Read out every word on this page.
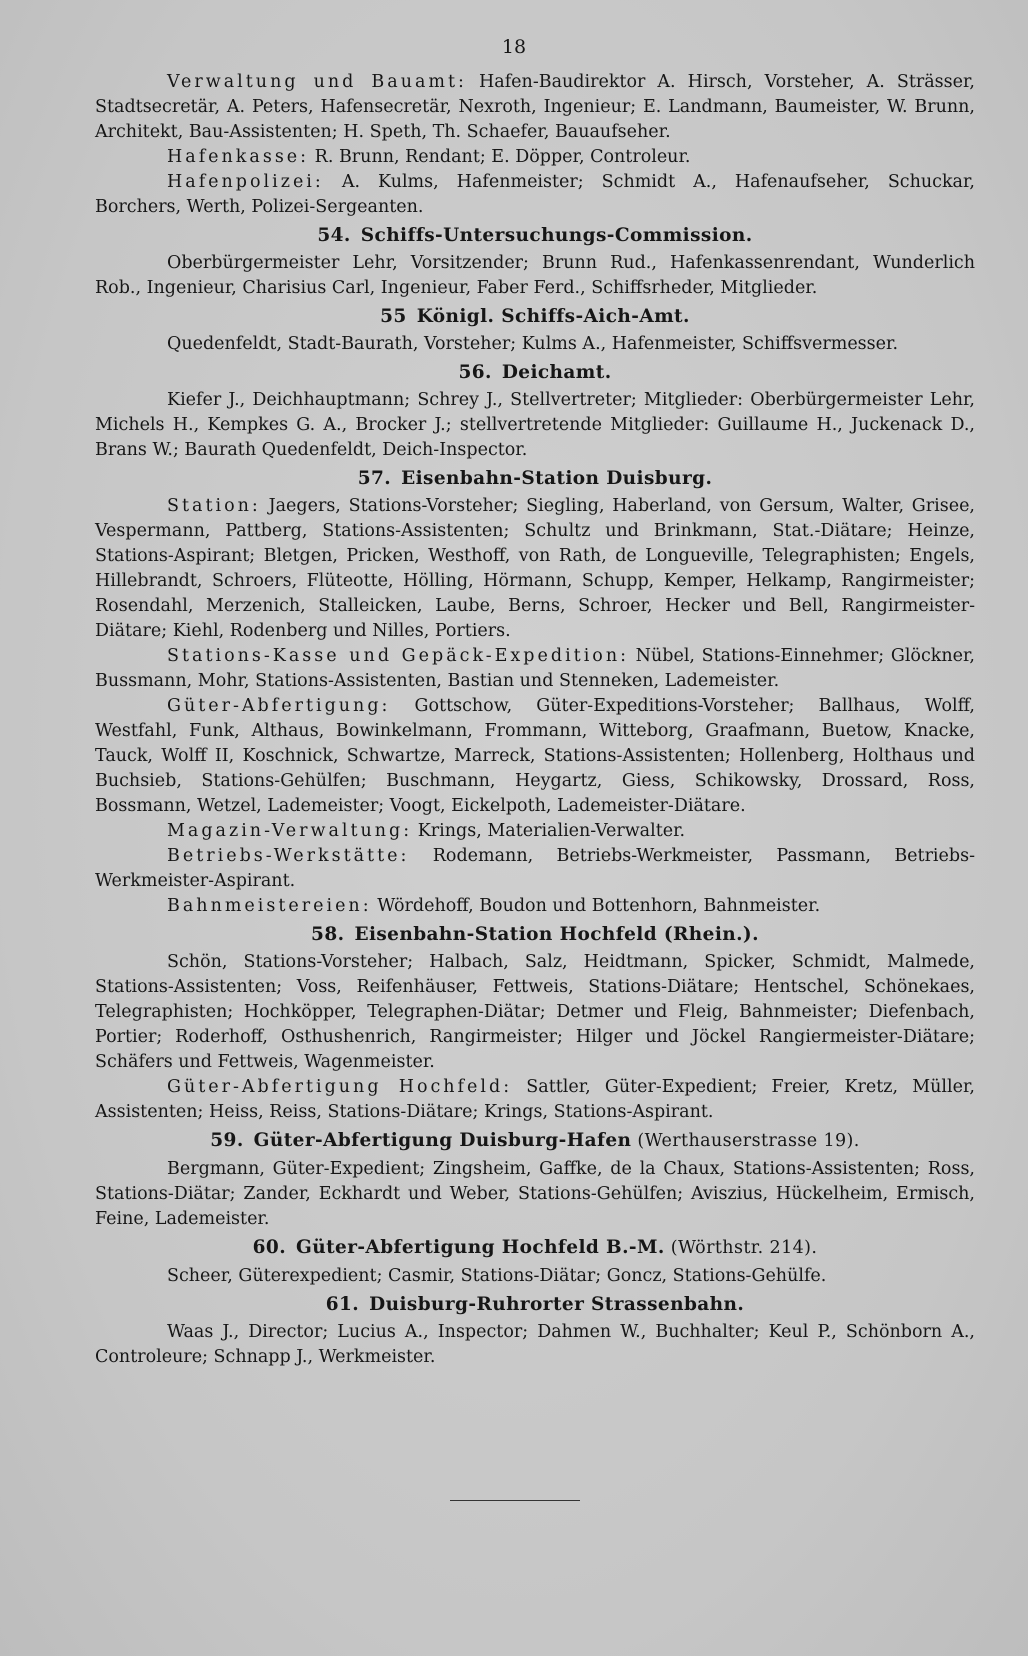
18

Verwaltung und Bauamt: Hafen-Baudirektor A. Hirsch, Vorsteher, A. Strässer, Stadtsecretär, A. Peters, Hafensecretär, Nexroth, Ingenieur; E. Landmann, Baumeister, W. Brunn, Architekt, Bau-Assistenten; H. Speth, Th. Schaefer, Bauaufseher.

Hafenkasse: R. Brunn, Rendant; E. Döpper, Controleur.

Hafenpolizei: A. Kulms, Hafenmeister; Schmidt A., Hafenaufseher, Schuckar, Borchers, Werth, Polizei-Sergeanten.

54. Schiffs-Untersuchungs-Commission.

Oberbürgermeister Lehr, Vorsitzender; Brunn Rud., Hafenkassenrendant, Wunderlich Rob., Ingenieur, Charisius Carl, Ingenieur, Faber Ferd., Schiffsrheder, Mitglieder.

55 Königl. Schiffs-Aich-Amt.

Quedenfeldt, Stadt-Baurath, Vorsteher; Kulms A., Hafenmeister, Schiffsvermesser.

56. Deichamt.

Kiefer J., Deichhauptmann; Schrey J., Stellvertreter; Mitglieder: Oberbürgermeister Lehr, Michels H., Kempkes G. A., Brocker J.; stellvertretende Mitglieder: Guillaume H., Juckenack D., Brans W.; Baurath Quedenfeldt, Deich-Inspector.

57. Eisenbahn-Station Duisburg.

Station: Jaegers, Stations-Vorsteher; Siegling, Haberland, von Gersum, Walter, Grisee, Vespermann, Pattberg, Stations-Assistenten; Schultz und Brinkmann, Stat.-Diätare; Heinze, Stations-Aspirant; Bletgen, Pricken, Westhoff, von Rath, de Longueville, Telegraphisten; Engels, Hillebrandt, Schroers, Flüteotte, Hölling, Hörmann, Schupp, Kemper, Helkamp, Rangirmeister; Rosendahl, Merzenich, Stalleicken, Laube, Berns, Schroer, Hecker und Bell, Rangirmeister-Diätare; Kiehl, Rodenberg und Nilles, Portiers.

Stations-Kasse und Gepäck-Expedition: Nübel, Stations-Einnehmer; Glöckner, Bussmann, Mohr, Stations-Assistenten, Bastian und Stenneken, Lademeister.

Güter-Abfertigung: Gottschow, Güter-Expeditions-Vorsteher; Ballhaus, Wolff, Westfahl, Funk, Althaus, Bowinkelmann, Frommann, Witteborg, Graafmann, Buetow, Knacke, Tauck, Wolff II, Koschnick, Schwartze, Marreck, Stations-Assistenten; Hollenberg, Holthaus und Buchsieb, Stations-Gehülfen; Buschmann, Heygartz, Giess, Schikowsky, Drossard, Ross, Bossmann, Wetzel, Lademeister; Voogt, Eickelpoth, Lademeister-Diätare.

Magazin-Verwaltung: Krings, Materialien-Verwalter.

Betriebs-Werkstätte: Rodemann, Betriebs-Werkmeister, Passmann, Betriebs-Werkmeister-Aspirant.

Bahnmeistereien: Wördehoff, Boudon und Bottenhorn, Bahnmeister.

58. Eisenbahn-Station Hochfeld (Rhein.).

Schön, Stations-Vorsteher; Halbach, Salz, Heidtmann, Spicker, Schmidt, Malmede, Stations-Assistenten; Voss, Reifenhäuser, Fettweis, Stations-Diätare; Hentschel, Schönekaes, Telegraphisten; Hochköpper, Telegraphen-Diätar; Detmer und Fleig, Bahnmeister; Diefenbach, Portier; Roderhoff, Osthushenrich, Rangirmeister; Hilger und Jöckel Rangiermeister-Diätare; Schäfers und Fettweis, Wagenmeister.

Güter-Abfertigung Hochfeld: Sattler, Güter-Expedient; Freier, Kretz, Müller, Assistenten; Heiss, Reiss, Stations-Diätare; Krings, Stations-Aspirant.

59. Güter-Abfertigung Duisburg-Hafen (Werthauserstrasse 19).

Bergmann, Güter-Expedient; Zingsheim, Gaffke, de la Chaux, Stations-Assistenten; Ross, Stations-Diätar; Zander, Eckhardt und Weber, Stations-Gehülfen; Aviszius, Hückelheim, Ermisch, Feine, Lademeister.

60. Güter-Abfertigung Hochfeld B.-M. (Wörthstr. 214).

Scheer, Güterexpedient; Casmir, Stations-Diätar; Goncz, Stations-Gehülfe.

61. Duisburg-Ruhrorter Strassenbahn.

Waas J., Director; Lucius A., Inspector; Dahmen W., Buchhalter; Keul P., Schönborn A., Controleure; Schnapp J., Werkmeister.
